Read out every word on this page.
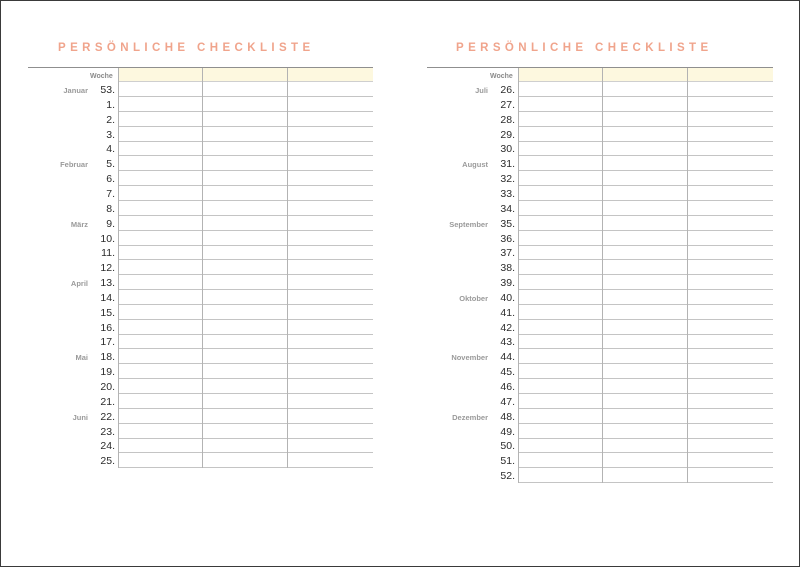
PERSÖNLICHE CHECKLISTE
Woche
Januar 53.
1.
2.
3.
4.
Februar 5.
6.
7.
8.
März 9.
10.
11.
12.
April 13.
14.
15.
16.
17.
Mai 18.
19.
20.
21.
Juni 22.
23.
24.
25.
PERSÖNLICHE CHECKLISTE
Woche
Juli 26.
27.
28.
29.
30.
August 31.
32.
33.
34.
September 35.
36.
37.
38.
39.
Oktober 40.
41.
42.
43.
November 44.
45.
46.
47.
Dezember 48.
49.
50.
51.
52.
